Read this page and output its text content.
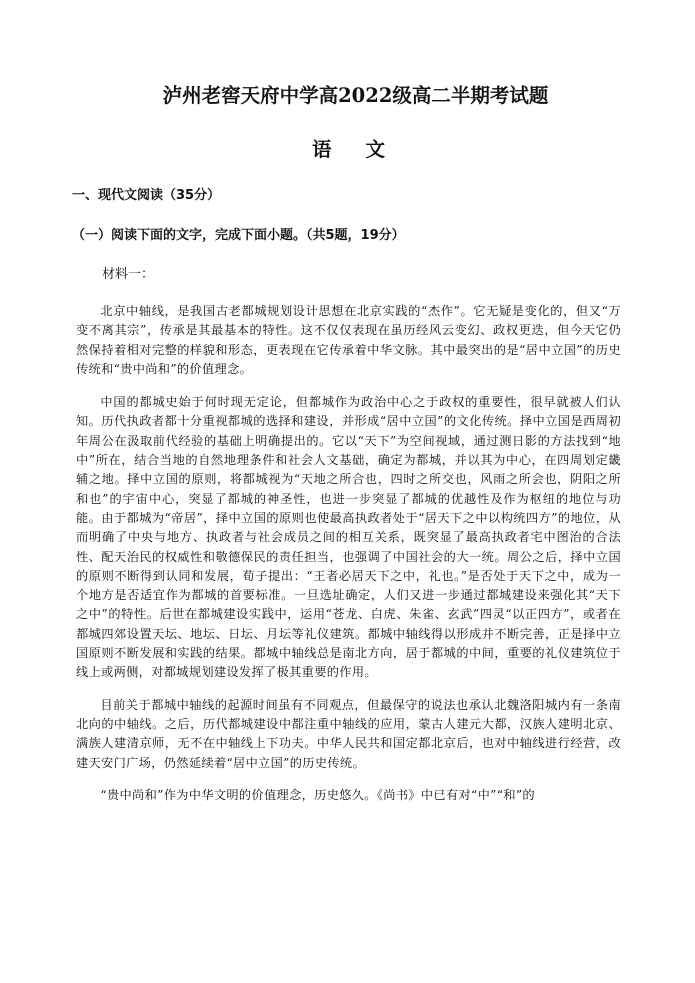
泸州老窖天府中学高2022级高二半期考试题
语 文

一、现代文阅读（35分）

（一）阅读下面的文字，完成下面小题。（共5题，19分）

材料一：

北京中轴线，是我国古老都城规划设计思想在北京实践的“杰作”。它无疑是变化的，但又“万变不离其宗”，传承是其最基本的特性。这不仅仅表现在虽历经风云变幻、政权更迭，但今天它仍然保持着相对完整的样貌和形态，更表现在它传承着中华文脉。其中最突出的是“居中立国”的历史传统和“贵中尚和”的价值理念。

中国的都城史始于何时现无定论，但都城作为政治中心之于政权的重要性，很早就被人们认知。历代执政者都十分重视都城的选择和建设，并形成“居中立国”的文化传统。择中立国是西周初年周公在汲取前代经验的基础上明确提出的。它以“天下”为空间视域，通过测日影的方法找到“地中”所在，结合当地的自然地理条件和社会人文基础，确定为都城，并以其为中心，在四周划定畿辅之地。择中立国的原则，将都城视为“天地之所合也，四时之所交也，风雨之所会也，阴阳之所和也”的宇宙中心，突显了都城的神圣性，也进一步突显了都城的优越性及作为枢纽的地位与功能。由于都城为“帝居”，择中立国的原则也使最高执政者处于“居天下之中以构统四方”的地位，从而明确了中央与地方、执政者与社会成员之间的相互关系，既突显了最高执政者宅中图治的合法性、配天治民的权威性和敬德保民的责任担当，也强调了中国社会的大一统。周公之后，择中立国的原则不断得到认同和发展，荀子提出：“王者必居天下之中，礼也。”是否处于天下之中，成为一个地方是否适宜作为都城的首要标准。一旦选址确定，人们又进一步通过都城建设来强化其“天下之中”的特性。后世在都城建设实践中，运用“苍龙、白虎、朱雀、玄武”四灵“以正四方”，或者在都城四郊设置天坛、地坛、日坛、月坛等礼仪建筑。都城中轴线得以形成并不断完善，正是择中立国原则不断发展和实践的结果。都城中轴线总是南北方向，居于都城的中间，重要的礼仪建筑位于线上或两侧，对都城规划建设发挥了极其重要的作用。

目前关于都城中轴线的起源时间虽有不同观点，但最保守的说法也承认北魏洛阳城内有一条南北向的中轴线。之后，历代都城建设中都注重中轴线的应用，蒙古人建元大都，汉族人建明北京、满族人建清京师，无不在中轴线上下功夫。中华人民共和国定都北京后，也对中轴线进行经营，改建天安门广场，仍然延续着“居中立国”的历史传统。

“贵中尚和”作为中华文明的价值理念，历史悠久。《尚书》中已有对“中”“和”的
